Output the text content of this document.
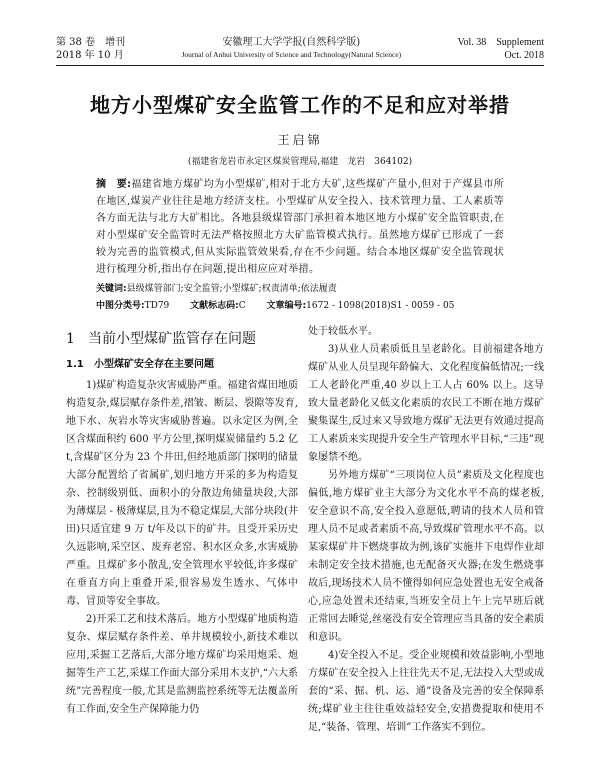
第 38 卷　增刊
2018 年 10 月
安徽理工大学学报(自然科学版)
Journal of Anhui University of Science and Technology(Natural Science)
Vol. 38　Supplement
Oct. 2018
地方小型煤矿安全监管工作的不足和应对举措
王启锦
(福建省龙岩市永定区煤炭管理局,福建　龙岩　364102)
摘　要:福建省地方煤矿均为小型煤矿,相对于北方大矿,这些煤矿产量小,但对于产煤县市所在地区,煤炭产业往往是地方经济支柱。小型煤矿从安全投入、技术管理力量、工人素质等各方面无法与北方大矿相比。各地县级煤管部门承担着本地区地方小煤矿安全监管职责,在对小型煤矿安全监管时无法严格按照北方大矿监管模式执行。虽然地方煤矿已形成了一套较为完善的监管模式,但从实际监管效果看,存在不少问题。结合本地区煤矿安全监管现状进行梳理分析,指出存在问题,提出相应应对举措。
关键词:县级煤管部门;安全监管;小型煤矿;权责清单;依法履责
中图分类号:TD79 文献标志码:C 文章编号:1672 - 1098(2018)S1 - 0059 - 05
1 当前小型煤矿监管存在问题
1.1 小型煤矿安全存在主要问题

1)煤矿构造复杂灾害威胁严重。福建省煤田地质构造复杂,煤层赋存条件差,褶皱、断层、裂隙等发育,地下水、灰岩水等灾害威胁普遍。以永定区为例,全区含煤面积约 600 平方公里,探明煤炭储量约 5.2 亿 t,含煤矿区分为 23 个井田,但经地质部门探明的储量大部分配置给了省属矿,划归地方开采的多为构造复杂、控制级别低、面积小的分散边角储量块段,大部为薄煤层 - 极薄煤层,且为不稳定煤层,大部分块段(井田)只适宜建 9 万 t/年及以下的矿井。且受开采历史久远影响,采空区、废弃老窑、积水区众多,水害威胁严重。且煤矿多小散乱,安全管理水平较低,许多煤矿在垂直方向上重叠开采,很容易发生透水、气体中毒、冒顶等安全事故。

2)开采工艺和技术落后。地方小型煤矿地质构造复杂、煤层赋存条件差、单井规模较小,新技术难以应用,采掘工艺落后,大部分地方煤矿均采用炮采、炮掘等生产工艺,采煤工作面大部分采用木支护,“六大系统”完善程度一般,尤其是监测监控系统等无法覆盖所有工作面,安全生产保障能力仍

处于较低水平。

3)从业人员素质低且呈老龄化。目前福建各地方煤矿从业人员呈现年龄偏大、文化程度偏低情况;一线工人老龄化严重,40 岁以上工人占 60% 以上。这导致大量老龄化又低文化素质的农民工不断在地方煤矿聚集谋生,反过来又导致地方煤矿无法更有效通过提高工人素质来实现提升安全生产管理水平目标,“三违”现象屡禁不绝。

另外地方煤矿“三项岗位人员”素质及文化程度也偏低,地方煤矿业主大部分为文化水平不高的煤老板,安全意识不高,安全投入意愿低,聘请的技术人员和管理人员不足或者素质不高,导致煤矿管理水平不高。以某家煤矿井下燃烧事故为例,该矿实施井下电焊作业却未制定安全技术措施,也无配备灭火器;在发生燃烧事故后,现场技术人员不懂得如何应急处置也无安全戒备心,应急处置未还结束,当班安全员上午上完早班后就正常回去睡觉,丝毫没有安全管理应当具备的安全素质和意识。

4)安全投入不足。受企业规模和效益影响,小型地方煤矿在安全投入上往往先天不足,无法投入大型或成套的“采、掘、机、运、通”设备及完善的安全保障系统;煤矿业主往往重效益轻安全,安措费提取和使用不足,“装备、管理、培训”工作落实不到位。
